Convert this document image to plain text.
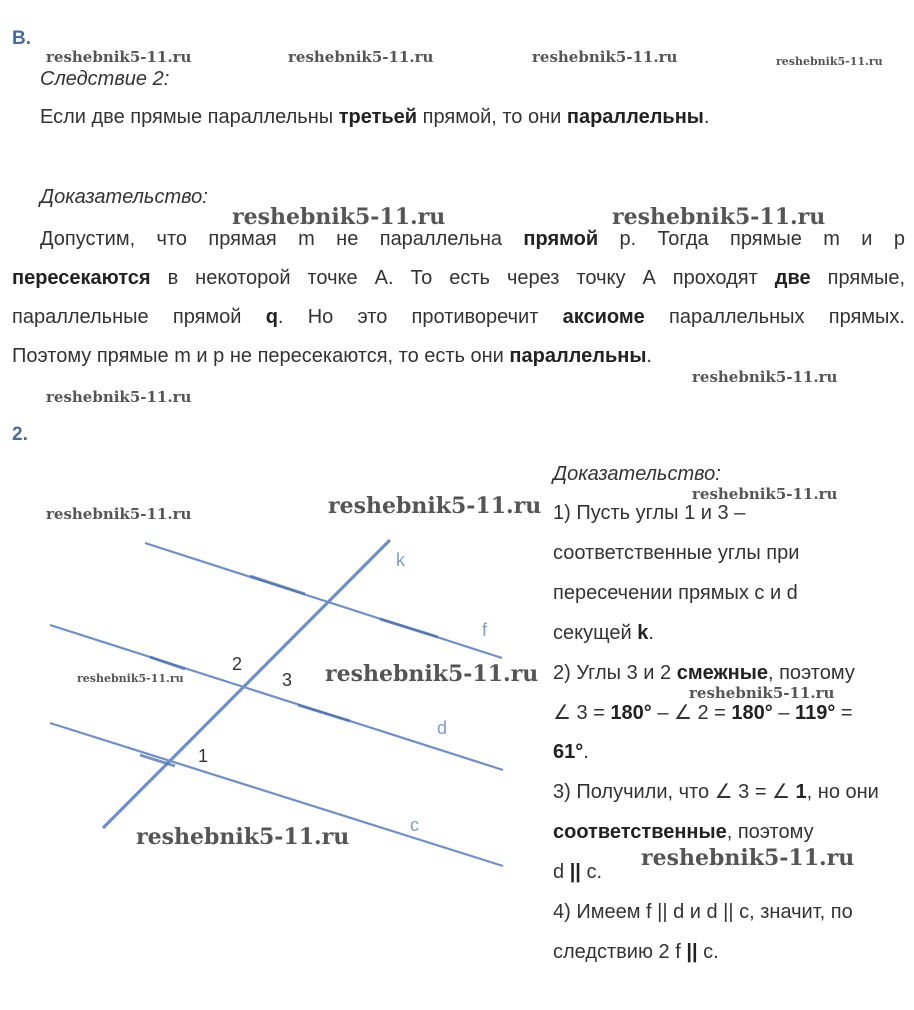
В.
Следствие 2:
Если две прямые параллельны третьей прямой, то они параллельны.
Доказательство:
Допустим, что прямая m не параллельна прямой р. Тогда прямые m и р
пересекаются в некоторой точке А. То есть через точку А проходят две прямые,
параллельные прямой q. Но это противоречит аксиоме параллельных прямых.
Поэтому прямые m и р не пересекаются, то есть они параллельны.
2.
k
f
d
c
2
3
1
Доказательство:
1) Пусть углы 1 и 3 –
соответственные углы при
пересечении прямых с и d
секущей k.
2) Углы 3 и 2 смежные, поэтому
∠ 3 = 180° – ∠ 2 = 180° – 119° =
61°.
3) Получили, что ∠ 3 = ∠ 1, но они
соответственные, поэтому
d || с.
4) Имеем f || d и d || с, значит, по
следствию 2 f || с.
reshebnik5-11.ru	reshebnik5-11.ru	reshebnik5-11.ru	reshebnik5-11.ru
reshebnik5-11.ru	reshebnik5-11.ru
reshebnik5-11.ru
reshebnik5-11.ru
reshebnik5-11.ru
reshebnik5-11.ru
reshebnik5-11.ru
reshebnik5-11.ru
reshebnik5-11.ru
reshebnik5-11.ru
reshebnik5-11.ru
reshebnik5-11.ru
